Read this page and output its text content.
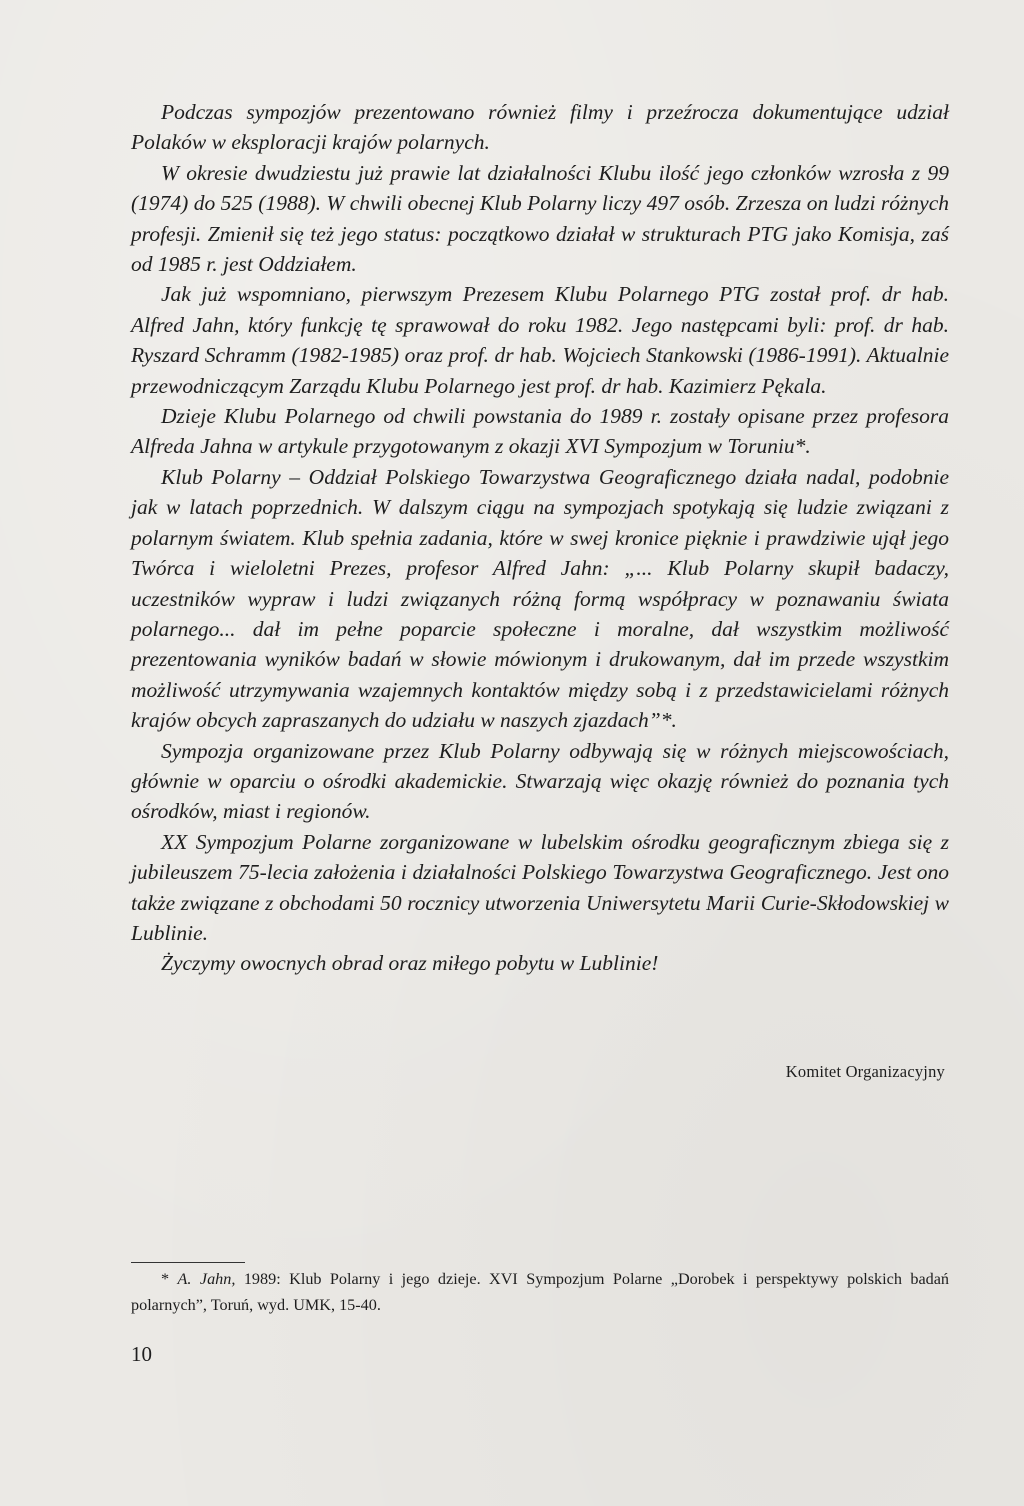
Podczas sympozjów prezentowano również filmy i przeźrocza dokumentujące udział Polaków w eksploracji krajów polarnych.

W okresie dwudziestu już prawie lat działalności Klubu ilość jego członków wzrosła z 99 (1974) do 525 (1988). W chwili obecnej Klub Polarny liczy 497 osób. Zrzesza on ludzi różnych profesji. Zmienił się też jego status: początkowo działał w strukturach PTG jako Komisja, zaś od 1985 r. jest Oddziałem.

Jak już wspomniano, pierwszym Prezesem Klubu Polarnego PTG został prof. dr hab. Alfred Jahn, który funkcję tę sprawował do roku 1982. Jego następcami byli: prof. dr hab. Ryszard Schramm (1982-1985) oraz prof. dr hab. Wojciech Stankowski (1986-1991). Aktualnie przewodniczącym Zarządu Klubu Polarnego jest prof. dr hab. Kazimierz Pękala.

Dzieje Klubu Polarnego od chwili powstania do 1989 r. zostały opisane przez profesora Alfreda Jahna w artykule przygotowanym z okazji XVI Sympozjum w Toruniu*.

Klub Polarny – Oddział Polskiego Towarzystwa Geograficznego działa nadal, podobnie jak w latach poprzednich. W dalszym ciągu na sympozjach spotykają się ludzie związani z polarnym światem. Klub spełnia zadania, które w swej kronice pięknie i prawdziwie ujął jego Twórca i wieloletni Prezes, profesor Alfred Jahn: „... Klub Polarny skupił badaczy, uczestników wypraw i ludzi związanych różną formą współpracy w poznawaniu świata polarnego... dał im pełne poparcie społeczne i moralne, dał wszystkim możliwość prezentowania wyników badań w słowie mówionym i drukowanym, dał im przede wszystkim możliwość utrzymywania wzajemnych kontaktów między sobą i z przedstawicielami różnych krajów obcych zapraszanych do udziału w naszych zjazdach”*.

Sympozja organizowane przez Klub Polarny odbywają się w różnych miejscowościach, głównie w oparciu o ośrodki akademickie. Stwarzają więc okazję również do poznania tych ośrodków, miast i regionów.

XX Sympozjum Polarne zorganizowane w lubelskim ośrodku geograficznym zbiega się z jubileuszem 75-lecia założenia i działalności Polskiego Towarzystwa Geograficznego. Jest ono także związane z obchodami 50 rocznicy utworzenia Uniwersytetu Marii Curie-Skłodowskiej w Lublinie.

Życzymy owocnych obrad oraz miłego pobytu w Lublinie!

Komitet Organizacyjny
* A. Jahn, 1989: Klub Polarny i jego dzieje. XVI Sympozjum Polarne „Dorobek i perspektywy polskich badań polarnych”, Toruń, wyd. UMK, 15-40.
10
